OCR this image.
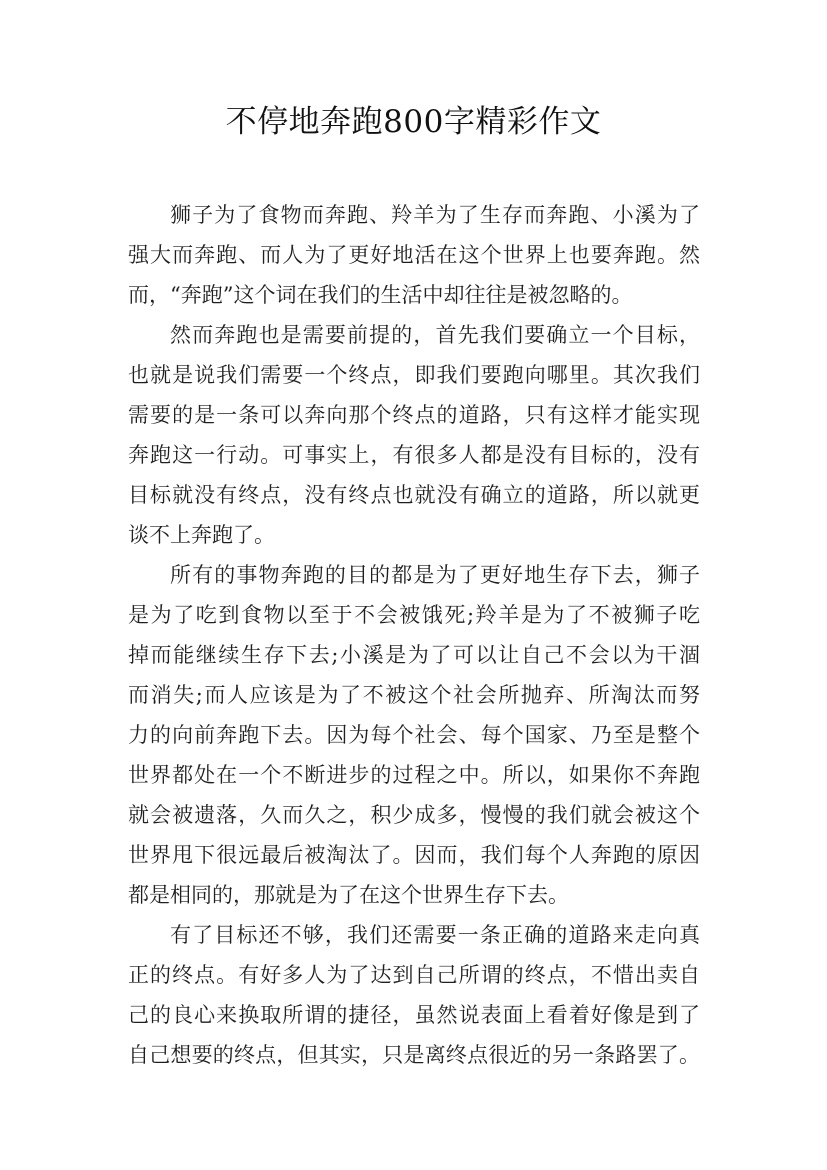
不停地奔跑800字精彩作文
狮子为了食物而奔跑、羚羊为了生存而奔跑、小溪为了
强大而奔跑、而人为了更好地活在这个世界上也要奔跑。然
而，“奔跑”这个词在我们的生活中却往往是被忽略的。
然而奔跑也是需要前提的，首先我们要确立一个目标，
也就是说我们需要一个终点，即我们要跑向哪里。其次我们
需要的是一条可以奔向那个终点的道路，只有这样才能实现
奔跑这一行动。可事实上，有很多人都是没有目标的，没有
目标就没有终点，没有终点也就没有确立的道路，所以就更
谈不上奔跑了。
所有的事物奔跑的目的都是为了更好地生存下去，狮子
是为了吃到食物以至于不会被饿死;羚羊是为了不被狮子吃
掉而能继续生存下去;小溪是为了可以让自己不会以为干涸
而消失;而人应该是为了不被这个社会所抛弃、所淘汰而努
力的向前奔跑下去。因为每个社会、每个国家、乃至是整个
世界都处在一个不断进步的过程之中。所以，如果你不奔跑
就会被遗落，久而久之，积少成多，慢慢的我们就会被这个
世界甩下很远最后被淘汰了。因而，我们每个人奔跑的原因
都是相同的，那就是为了在这个世界生存下去。
有了目标还不够，我们还需要一条正确的道路来走向真
正的终点。有好多人为了达到自己所谓的终点，不惜出卖自
己的良心来换取所谓的捷径，虽然说表面上看着好像是到了
自己想要的终点，但其实，只是离终点很近的另一条路罢了。
